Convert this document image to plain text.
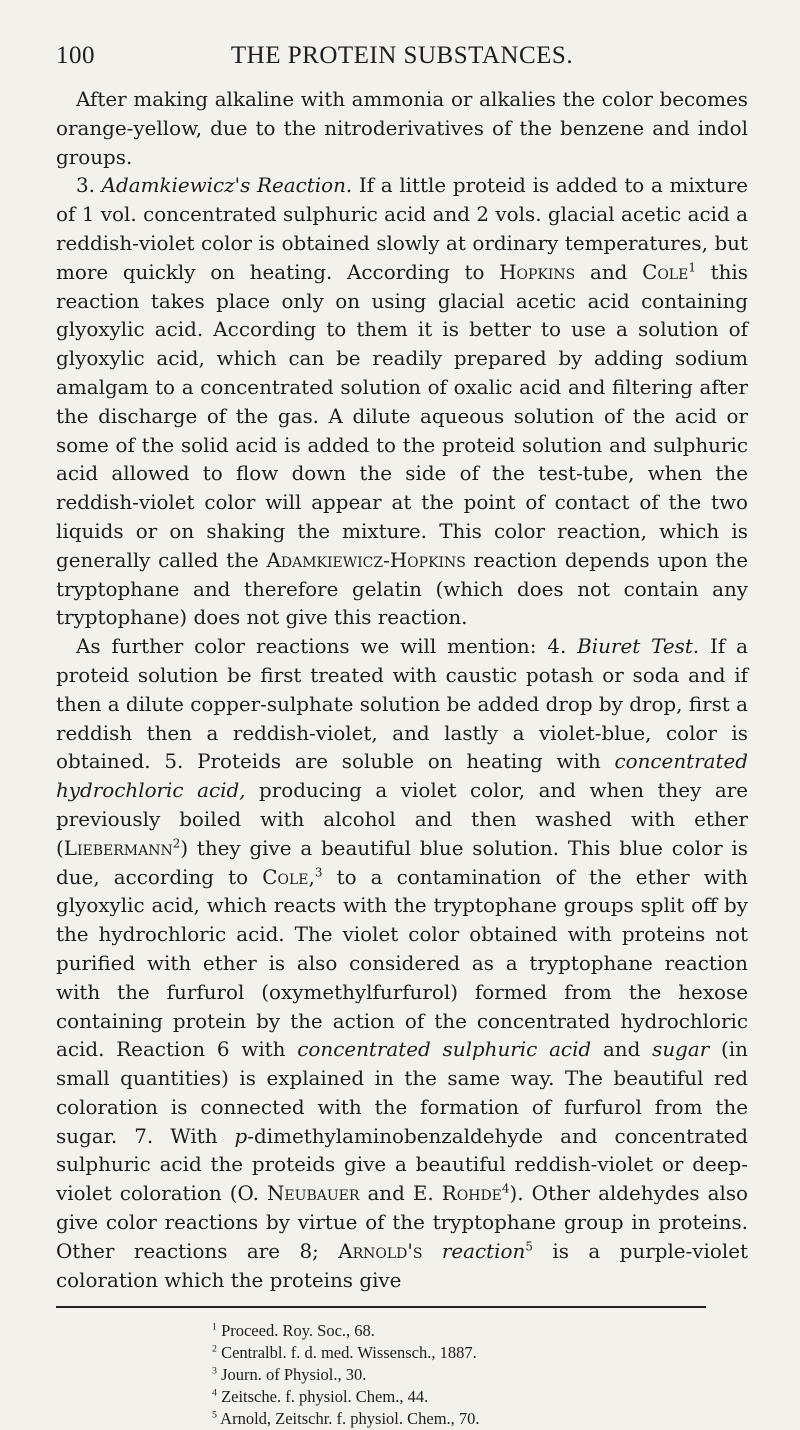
100	THE PROTEIN SUBSTANCES.

After making alkaline with ammonia or alkalies the color becomes orange-yellow, due to the nitroderivatives of the benzene and indol groups.

3. Adamkiewicz's Reaction. If a little proteid is added to a mixture of 1 vol. concentrated sulphuric acid and 2 vols. glacial acetic acid a reddish-violet color is obtained slowly at ordinary temperatures, but more quickly on heating. According to Hopkins and Cole$^1$ this reaction takes place only on using glacial acetic acid containing glyoxylic acid. According to them it is better to use a solution of glyoxylic acid, which can be readily prepared by adding sodium amalgam to a concentrated solution of oxalic acid and filtering after the discharge of the gas. A dilute aqueous solution of the acid or some of the solid acid is added to the proteid solution and sulphuric acid allowed to flow down the side of the test-tube, when the reddish-violet color will appear at the point of contact of the two liquids or on shaking the mixture. This color reaction, which is generally called the Adamkiewicz-Hopkins reaction depends upon the tryptophane and therefore gelatin (which does not contain any tryptophane) does not give this reaction.

As further color reactions we will mention: 4. Biuret Test. If a proteid solution be first treated with caustic potash or soda and if then a dilute copper-sulphate solution be added drop by drop, first a reddish then a reddish-violet, and lastly a violet-blue, color is obtained. 5. Proteids are soluble on heating with concentrated hydrochloric acid, producing a violet color, and when they are previously boiled with alcohol and then washed with ether (Liebermann$^2$) they give a beautiful blue solution. This blue color is due, according to Cole,$^3$ to a contamination of the ether with glyoxylic acid, which reacts with the tryptophane groups split off by the hydrochloric acid. The violet color obtained with proteins not purified with ether is also considered as a tryptophane reaction with the furfurol (oxymethylfurfurol) formed from the hexose containing protein by the action of the concentrated hydrochloric acid. Reaction 6 with concentrated sulphuric acid and sugar (in small quantities) is explained in the same way. The beautiful red coloration is connected with the formation of furfurol from the sugar. 7. With p-dimethylaminobenzaldehyde and concentrated sulphuric acid the proteids give a beautiful reddish-violet or deep-violet coloration (O. Neubauer and E. Rohde$^4$). Other aldehydes also give color reactions by virtue of the tryptophane group in proteins. Other reactions are 8; Arnold's reaction$^5$ is a purple-violet coloration which the proteins give

$^1$ Proceed. Roy. Soc., 68.
$^2$ Centralbl. f. d. med. Wissensch., 1887.
$^3$ Journ. of Physiol., 30.
$^4$ Zeitsche. f. physiol. Chem., 44.
$^5$ Arnold, Zeitschr. f. physiol. Chem., 70.
